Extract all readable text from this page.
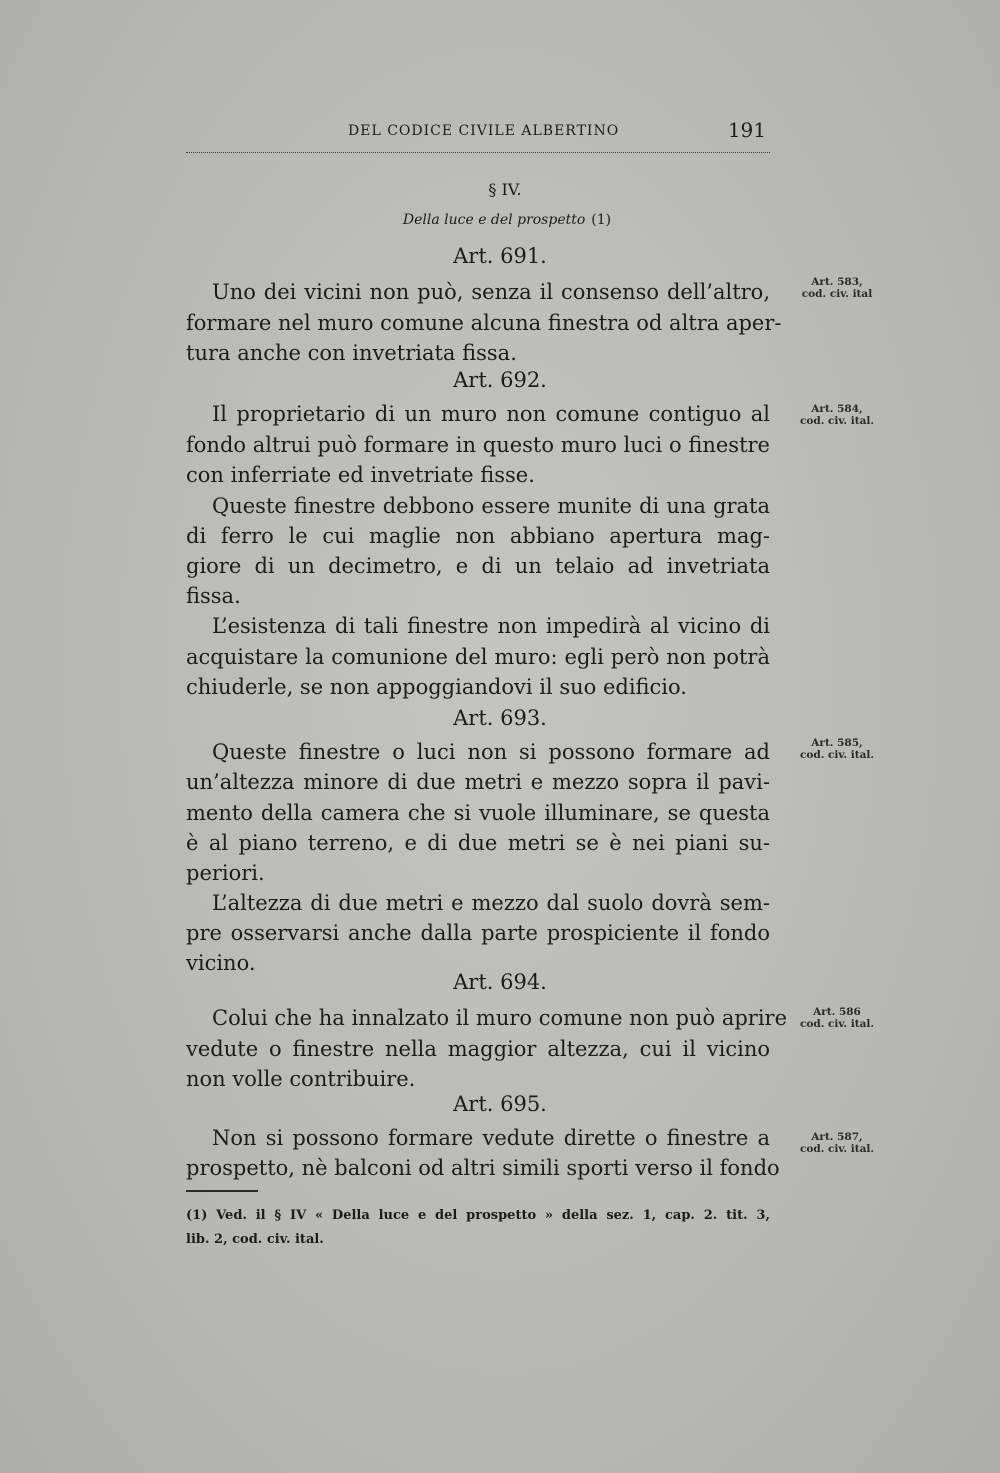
DEL CODICE CIVILE ALBERTINO	191
§ IV.
Della luce e del prospetto (1)
Art. 691.
Uno dei vicini non può, senza il consenso dell’altro,
formare nel muro comune alcuna finestra od altra aper-
tura anche con invetriata fissa.
Art. 692.
Il proprietario di un muro non comune contiguo al
fondo altrui può formare in questo muro luci o finestre
con inferriate ed invetriate fisse.
Queste finestre debbono essere munite di una grata
di ferro le cui maglie non abbiano apertura mag-
giore di un decimetro, e di un telaio ad invetriata
fissa.
L’esistenza di tali finestre non impedirà al vicino di
acquistare la comunione del muro: egli però non potrà
chiuderle, se non appoggiandovi il suo edificio.
Art. 693.
Queste finestre o luci non si possono formare ad
un’altezza minore di due metri e mezzo sopra il pavi-
mento della camera che si vuole illuminare, se questa
è al piano terreno, e di due metri se è nei piani su-
periori.
L’altezza di due metri e mezzo dal suolo dovrà sem-
pre osservarsi anche dalla parte prospiciente il fondo
vicino.
Art. 694.
Colui che ha innalzato il muro comune non può aprire
vedute o finestre nella maggior altezza, cui il vicino
non volle contribuire.
Art. 695.
Non si possono formare vedute dirette o finestre a
prospetto, nè balconi od altri simili sporti verso il fondo
Art. 583,
cod. civ. ital
Art. 584,
cod. civ. ital.
Art. 585,
cod. civ. ital.
Art. 586
cod. civ. ital.
Art. 587,
cod. civ. ital.
(1) Ved. il § IV « Della luce e del prospetto » della sez. 1, cap. 2. tit. 3,
lib. 2, cod. civ. ital.
